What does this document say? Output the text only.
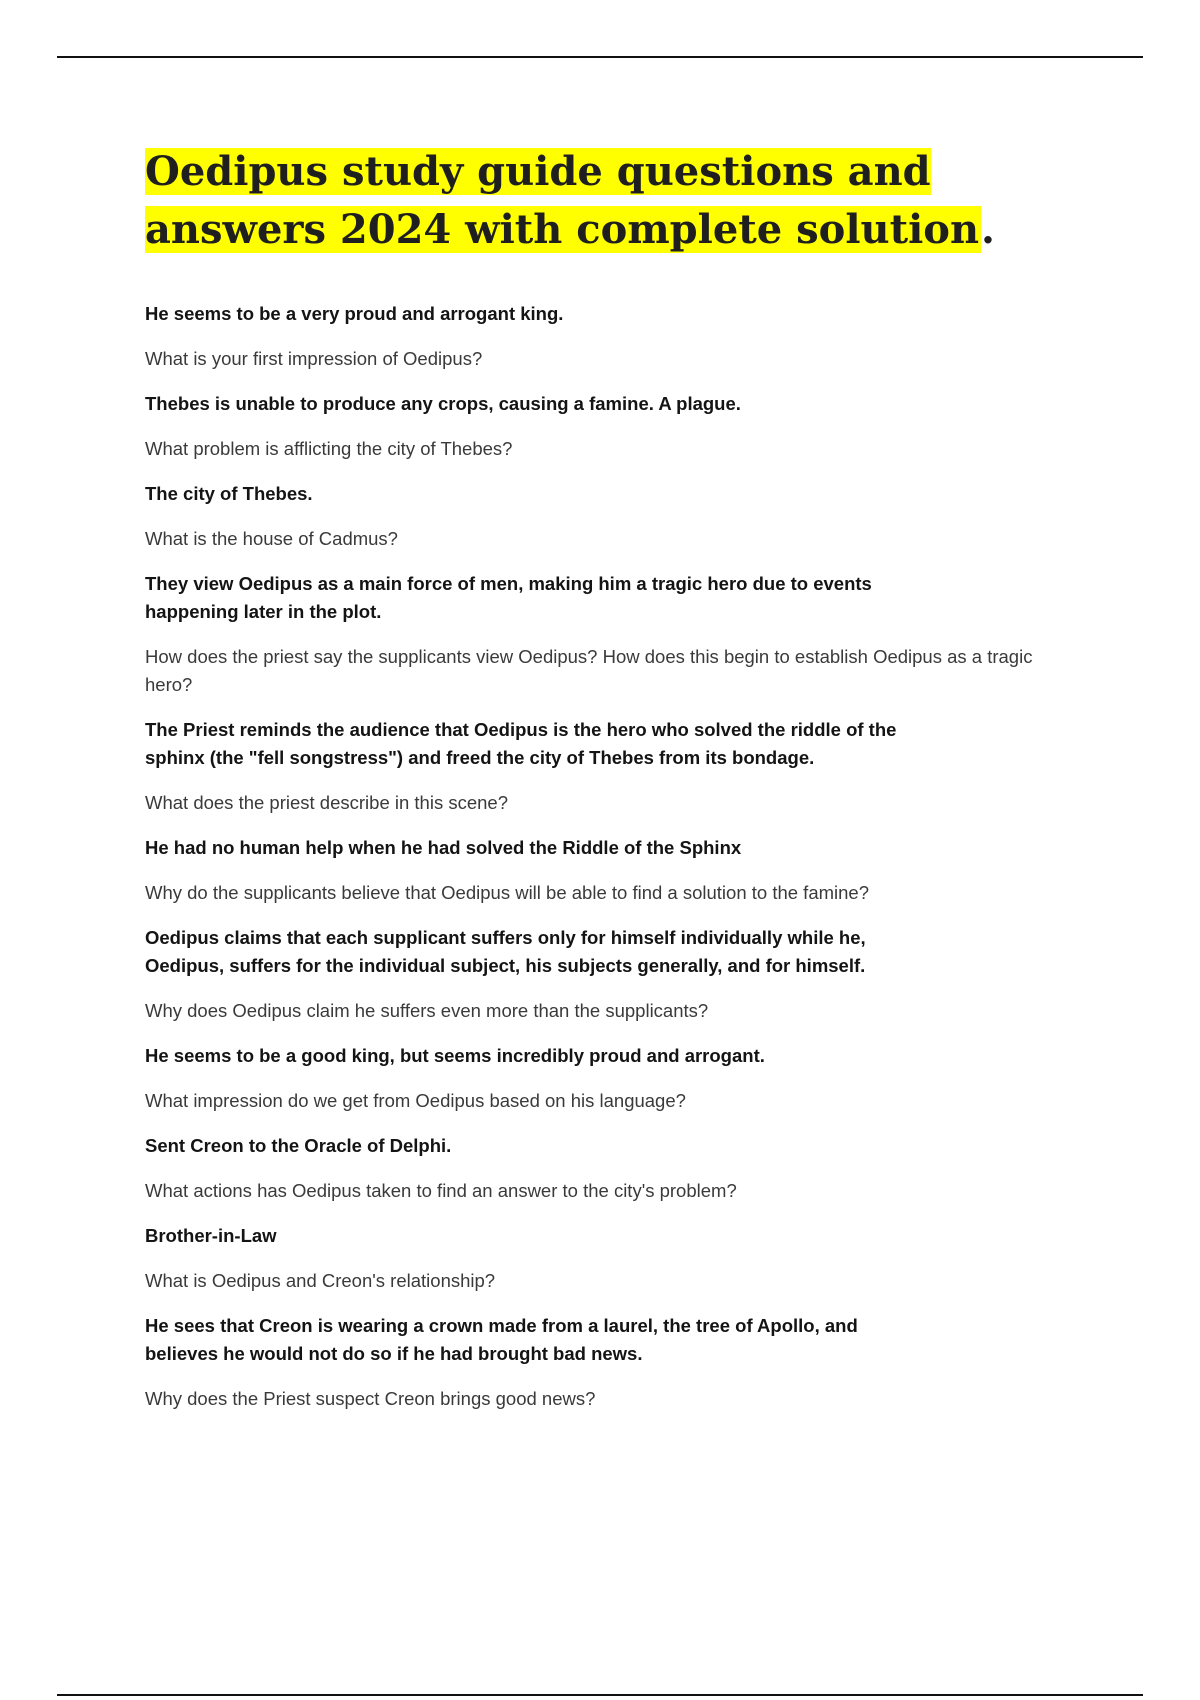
Oedipus study guide questions and answers 2024 with complete solution.

He seems to be a very proud and arrogant king.

What is your first impression of Oedipus?

Thebes is unable to produce any crops, causing a famine. A plague.

What problem is afflicting the city of Thebes?

The city of Thebes.

What is the house of Cadmus?

They view Oedipus as a main force of men, making him a tragic hero due to events happening later in the plot.

How does the priest say the supplicants view Oedipus? How does this begin to establish Oedipus as a tragic hero?

The Priest reminds the audience that Oedipus is the hero who solved the riddle of the sphinx (the "fell songstress") and freed the city of Thebes from its bondage.

What does the priest describe in this scene?

He had no human help when he had solved the Riddle of the Sphinx

Why do the supplicants believe that Oedipus will be able to find a solution to the famine?

Oedipus claims that each supplicant suffers only for himself individually while he, Oedipus, suffers for the individual subject, his subjects generally, and for himself.

Why does Oedipus claim he suffers even more than the supplicants?

He seems to be a good king, but seems incredibly proud and arrogant.

What impression do we get from Oedipus based on his language?

Sent Creon to the Oracle of Delphi.

What actions has Oedipus taken to find an answer to the city's problem?

Brother-in-Law

What is Oedipus and Creon's relationship?

He sees that Creon is wearing a crown made from a laurel, the tree of Apollo, and believes he would not do so if he had brought bad news.

Why does the Priest suspect Creon brings good news?
